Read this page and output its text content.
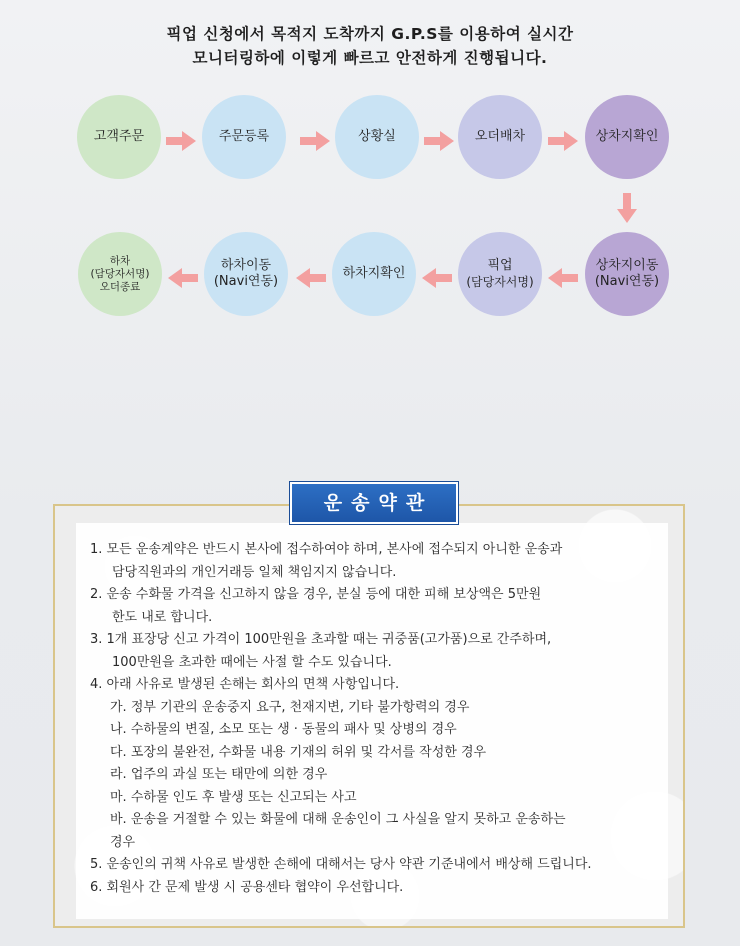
픽업 신청에서 목적지 도착까지 G.P.S를 이용하여 실시간
모니터링하에 이렇게 빠르고 안전하게 진행됩니다.
고객주문	주문등록	상황실	오더배차	상차지확인
상차지이동
(Navi연동)
픽업
(담당자서명)
하차지확인
하차이동
(Navi연동)
하차
(담당자서명)
오더종료
운송약관
1. 모든 운송계약은 반드시 본사에 접수하여야 하며, 본사에 접수되지 아니한 운송과
담당직원과의 개인거래등 일체 책임지지 않습니다.
2. 운송 수화물 가격을 신고하지 않을 경우, 분실 등에 대한 피해 보상액은 5만원
한도 내로 합니다.
3. 1개 표장당 신고 가격이 100만원을 초과할 때는 귀중품(고가품)으로 간주하며,
100만원을 초과한 때에는 사절 할 수도 있습니다.
4. 아래 사유로 발생된 손해는 회사의 면책 사항입니다.
가. 정부 기관의 운송중지 요구, 천재지변, 기타 불가항력의 경우
나. 수하물의 변질, 소모 또는 생 · 동물의 패사 및 상병의 경우
다. 포장의 불완전, 수화물 내용 기재의 허위 및 각서를 작성한 경우
라. 업주의 과실 또는 태만에 의한 경우
마. 수하물 인도 후 발생 또는 신고되는 사고
바. 운송을 거절할 수 있는 화물에 대해 운송인이 그 사실을 알지 못하고 운송하는
경우
5. 운송인의 귀책 사유로 발생한 손해에 대해서는 당사 약관 기준내에서 배상해 드립니다.
6. 회원사 간 문제 발생 시 공용센타 협약이 우선합니다.
